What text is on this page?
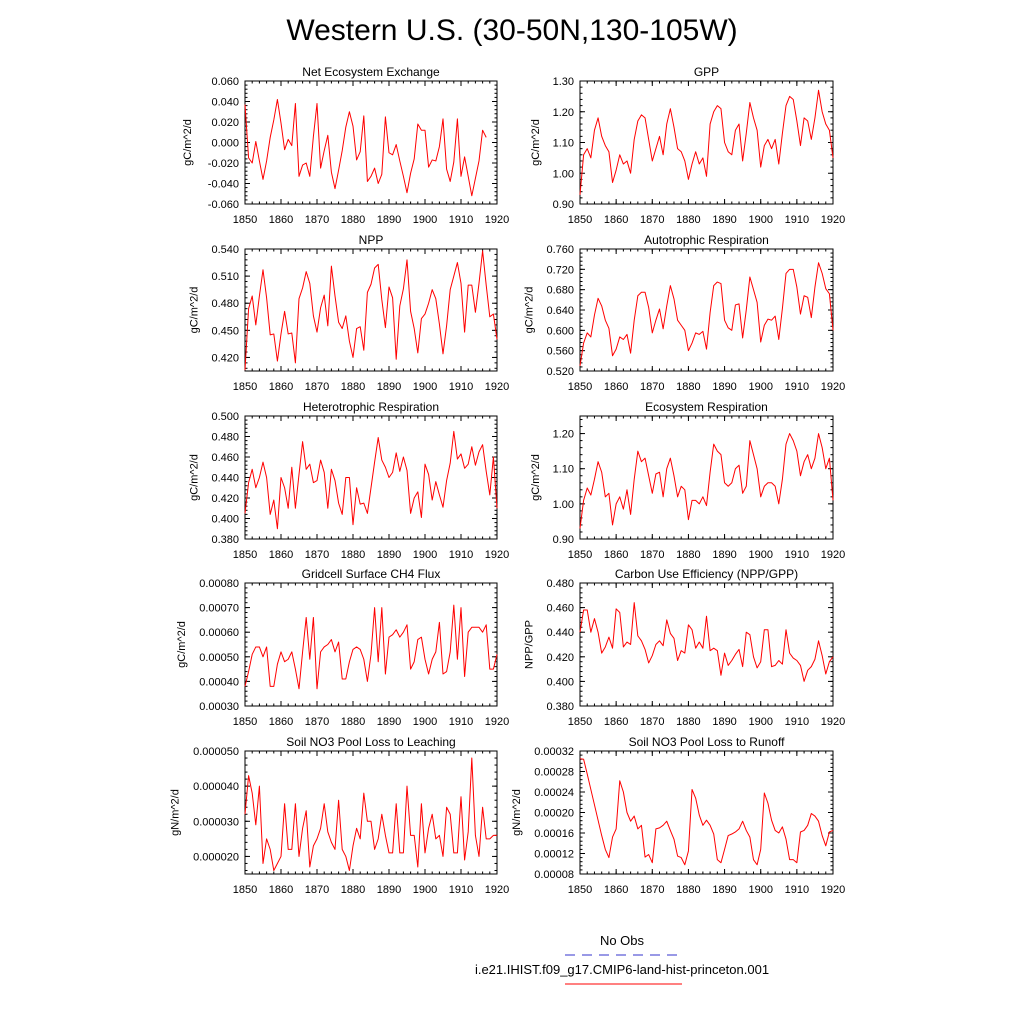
Western U.S. (30-50N,130-105W)
Net Ecosystem Exchange
1850 1860 1870 1880 1890 1900 1910 1920
-0.060
-0.040
-0.020
0.000
0.020
0.040
0.060
gC/m^2/d
GPP
1850 1860 1870 1880 1890 1900 1910 1920
0.90
1.00
1.10
1.20
1.30
gC/m^2/d
NPP
1850 1860 1870 1880 1890 1900 1910 1920
0.420
0.450
0.480
0.510
0.540
gC/m^2/d
Autotrophic Respiration
1850 1860 1870 1880 1890 1900 1910 1920
0.520
0.560
0.600
0.640
0.680
0.720
0.760
gC/m^2/d
Heterotrophic Respiration
1850 1860 1870 1880 1890 1900 1910 1920
0.380
0.400
0.420
0.440
0.460
0.480
0.500
gC/m^2/d
Ecosystem Respiration
1850 1860 1870 1880 1890 1900 1910 1920
0.90
1.00
1.10
1.20
gC/m^2/d
Gridcell Surface CH4 Flux
1850 1860 1870 1880 1890 1900 1910 1920
0.00030
0.00040
0.00050
0.00060
0.00070
0.00080
gC/m^2/d
Carbon Use Efficiency (NPP/GPP)
1850 1860 1870 1880 1890 1900 1910 1920
0.380
0.400
0.420
0.440
0.460
0.480
NPP/GPP
Soil NO3 Pool Loss to Leaching
1850 1860 1870 1880 1890 1900 1910 1920
0.000020
0.000030
0.000040
0.000050
gN/m^2/d
Soil NO3 Pool Loss to Runoff
1850 1860 1870 1880 1890 1900 1910 1920
0.00008
0.00012
0.00016
0.00020
0.00024
0.00028
0.00032
gN/m^2/d
No Obs
i.e21.IHIST.f09_g17.CMIP6-land-hist-princeton.001
